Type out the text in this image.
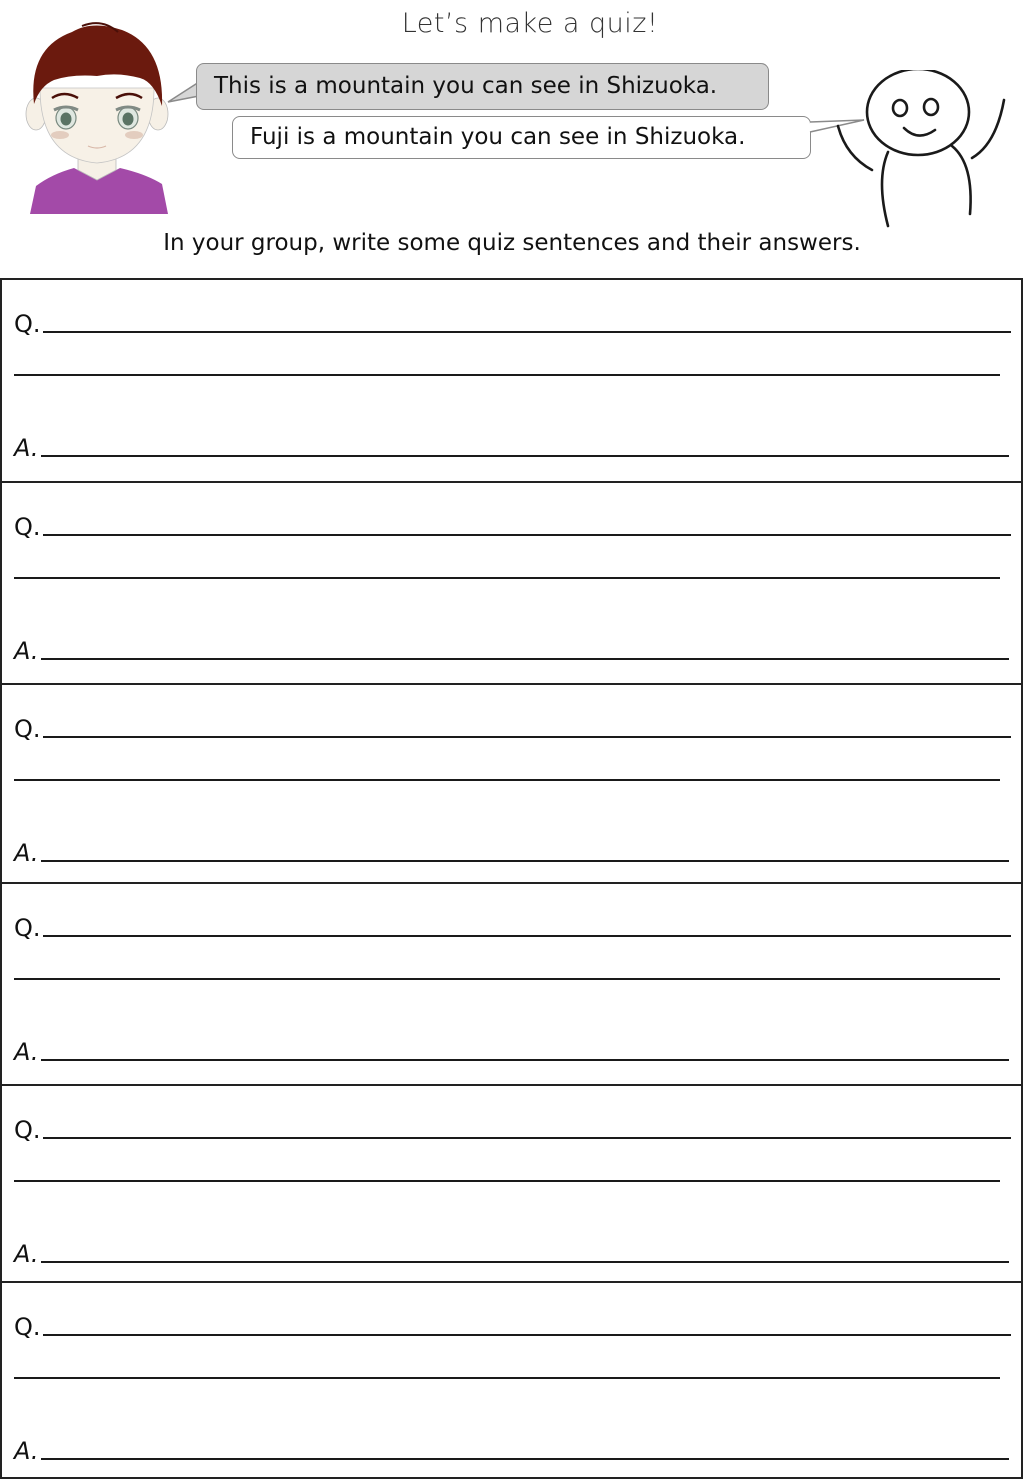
Let’s make a quiz!
This is a mountain you can see in Shizuoka.
Fuji is a mountain you can see in Shizuoka.
In your group, write some quiz sentences and their answers.
Q.
A.
Q.
A.
Q.
A.
Q.
A.
Q.
A.
Q.
A.
